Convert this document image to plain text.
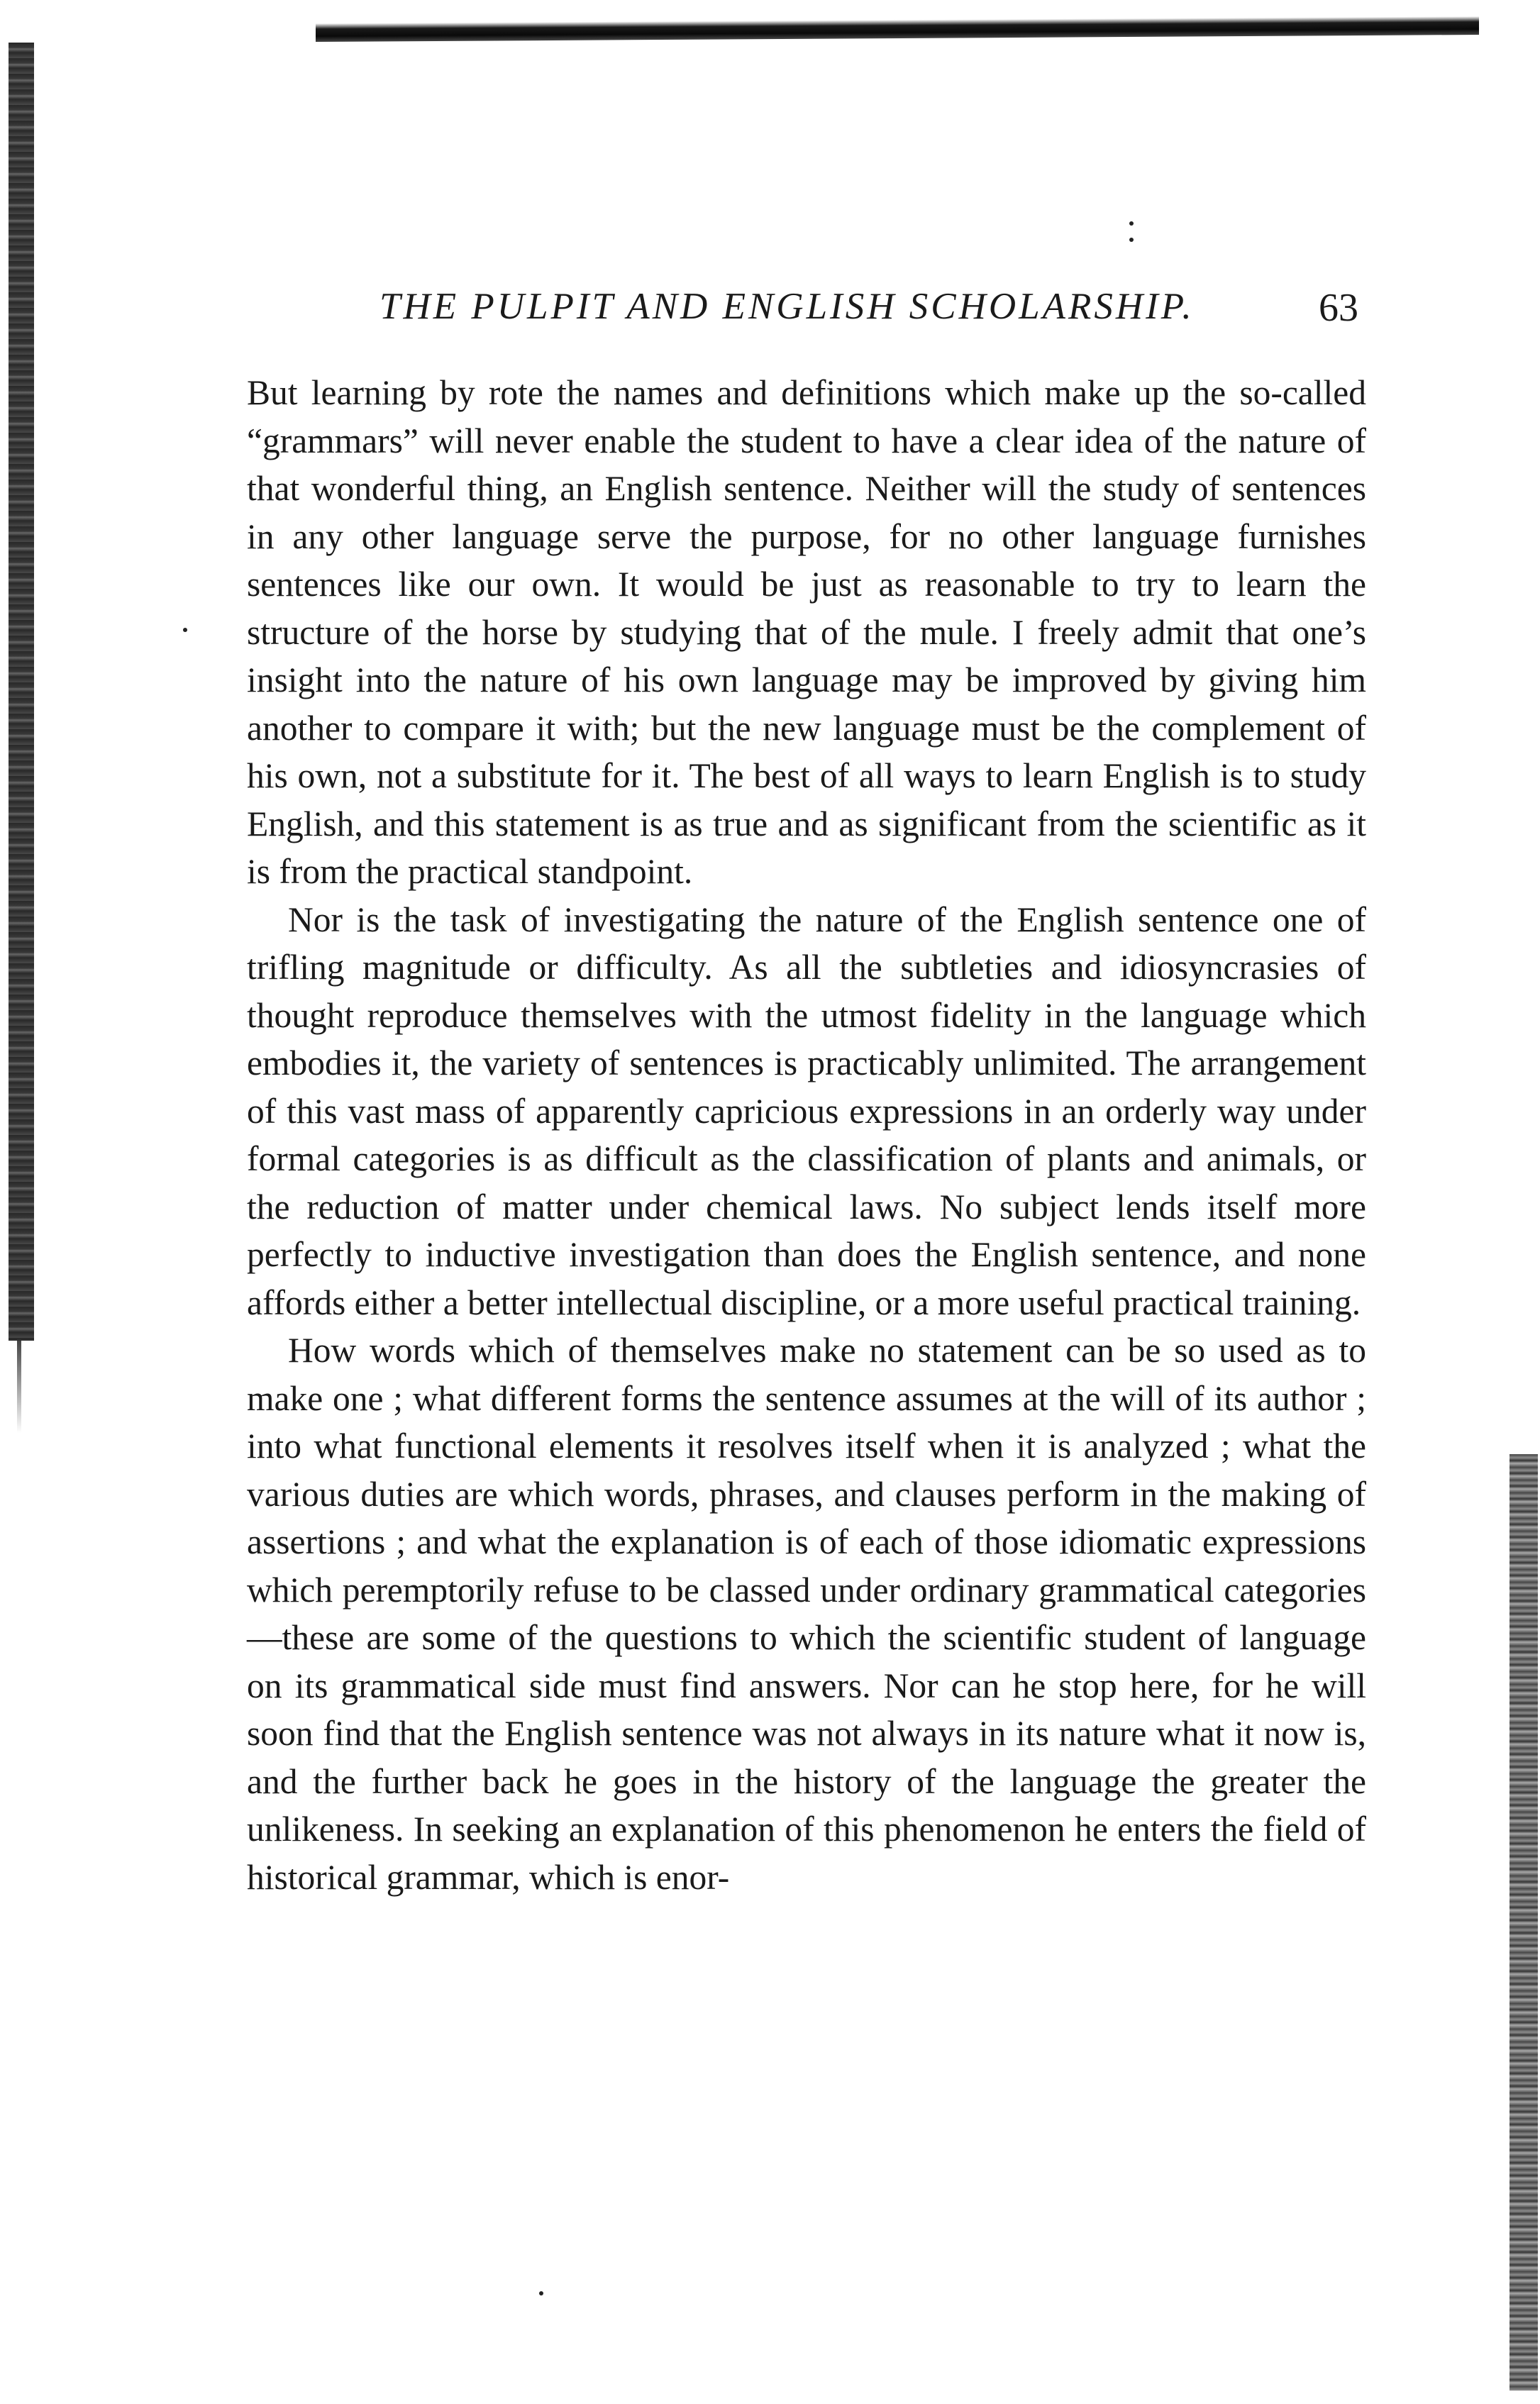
THE PULPIT AND ENGLISH SCHOLARSHIP.	63

But learning by rote the names and definitions which make up the so-called “grammars” will never enable the student to have a clear idea of the nature of that wonderful thing, an English sentence. Neither will the study of sentences in any other language serve the purpose, for no other language furnishes sentences like our own. It would be just as reasonable to try to learn the structure of the horse by studying that of the mule. I freely admit that one’s insight into the nature of his own language may be improved by giving him another to compare it with; but the new language must be the complement of his own, not a substitute for it. The best of all ways to learn English is to study English, and this statement is as true and as significant from the scientific as it is from the practical standpoint.

Nor is the task of investigating the nature of the English sentence one of trifling magnitude or difficulty. As all the subtleties and idiosyncrasies of thought reproduce themselves with the utmost fidelity in the language which embodies it, the variety of sentences is practicably unlimited. The arrangement of this vast mass of apparently capricious expressions in an orderly way under formal categories is as difficult as the classification of plants and animals, or the reduction of matter under chemical laws. No subject lends itself more perfectly to inductive investigation than does the English sentence, and none affords either a better intellectual discipline, or a more useful practical training.

How words which of themselves make no statement can be so used as to make one ; what different forms the sentence assumes at the will of its author ; into what functional elements it resolves itself when it is analyzed ; what the various duties are which words, phrases, and clauses perform in the making of assertions ; and what the explanation is of each of those idiomatic expressions which peremptorily refuse to be classed under ordinary grammatical categories—these are some of the questions to which the scientific student of language on its grammatical side must find answers. Nor can he stop here, for he will soon find that the English sentence was not always in its nature what it now is, and the further back he goes in the history of the language the greater the unlikeness. In seeking an explanation of this phenomenon he enters the field of historical grammar, which is enor-
